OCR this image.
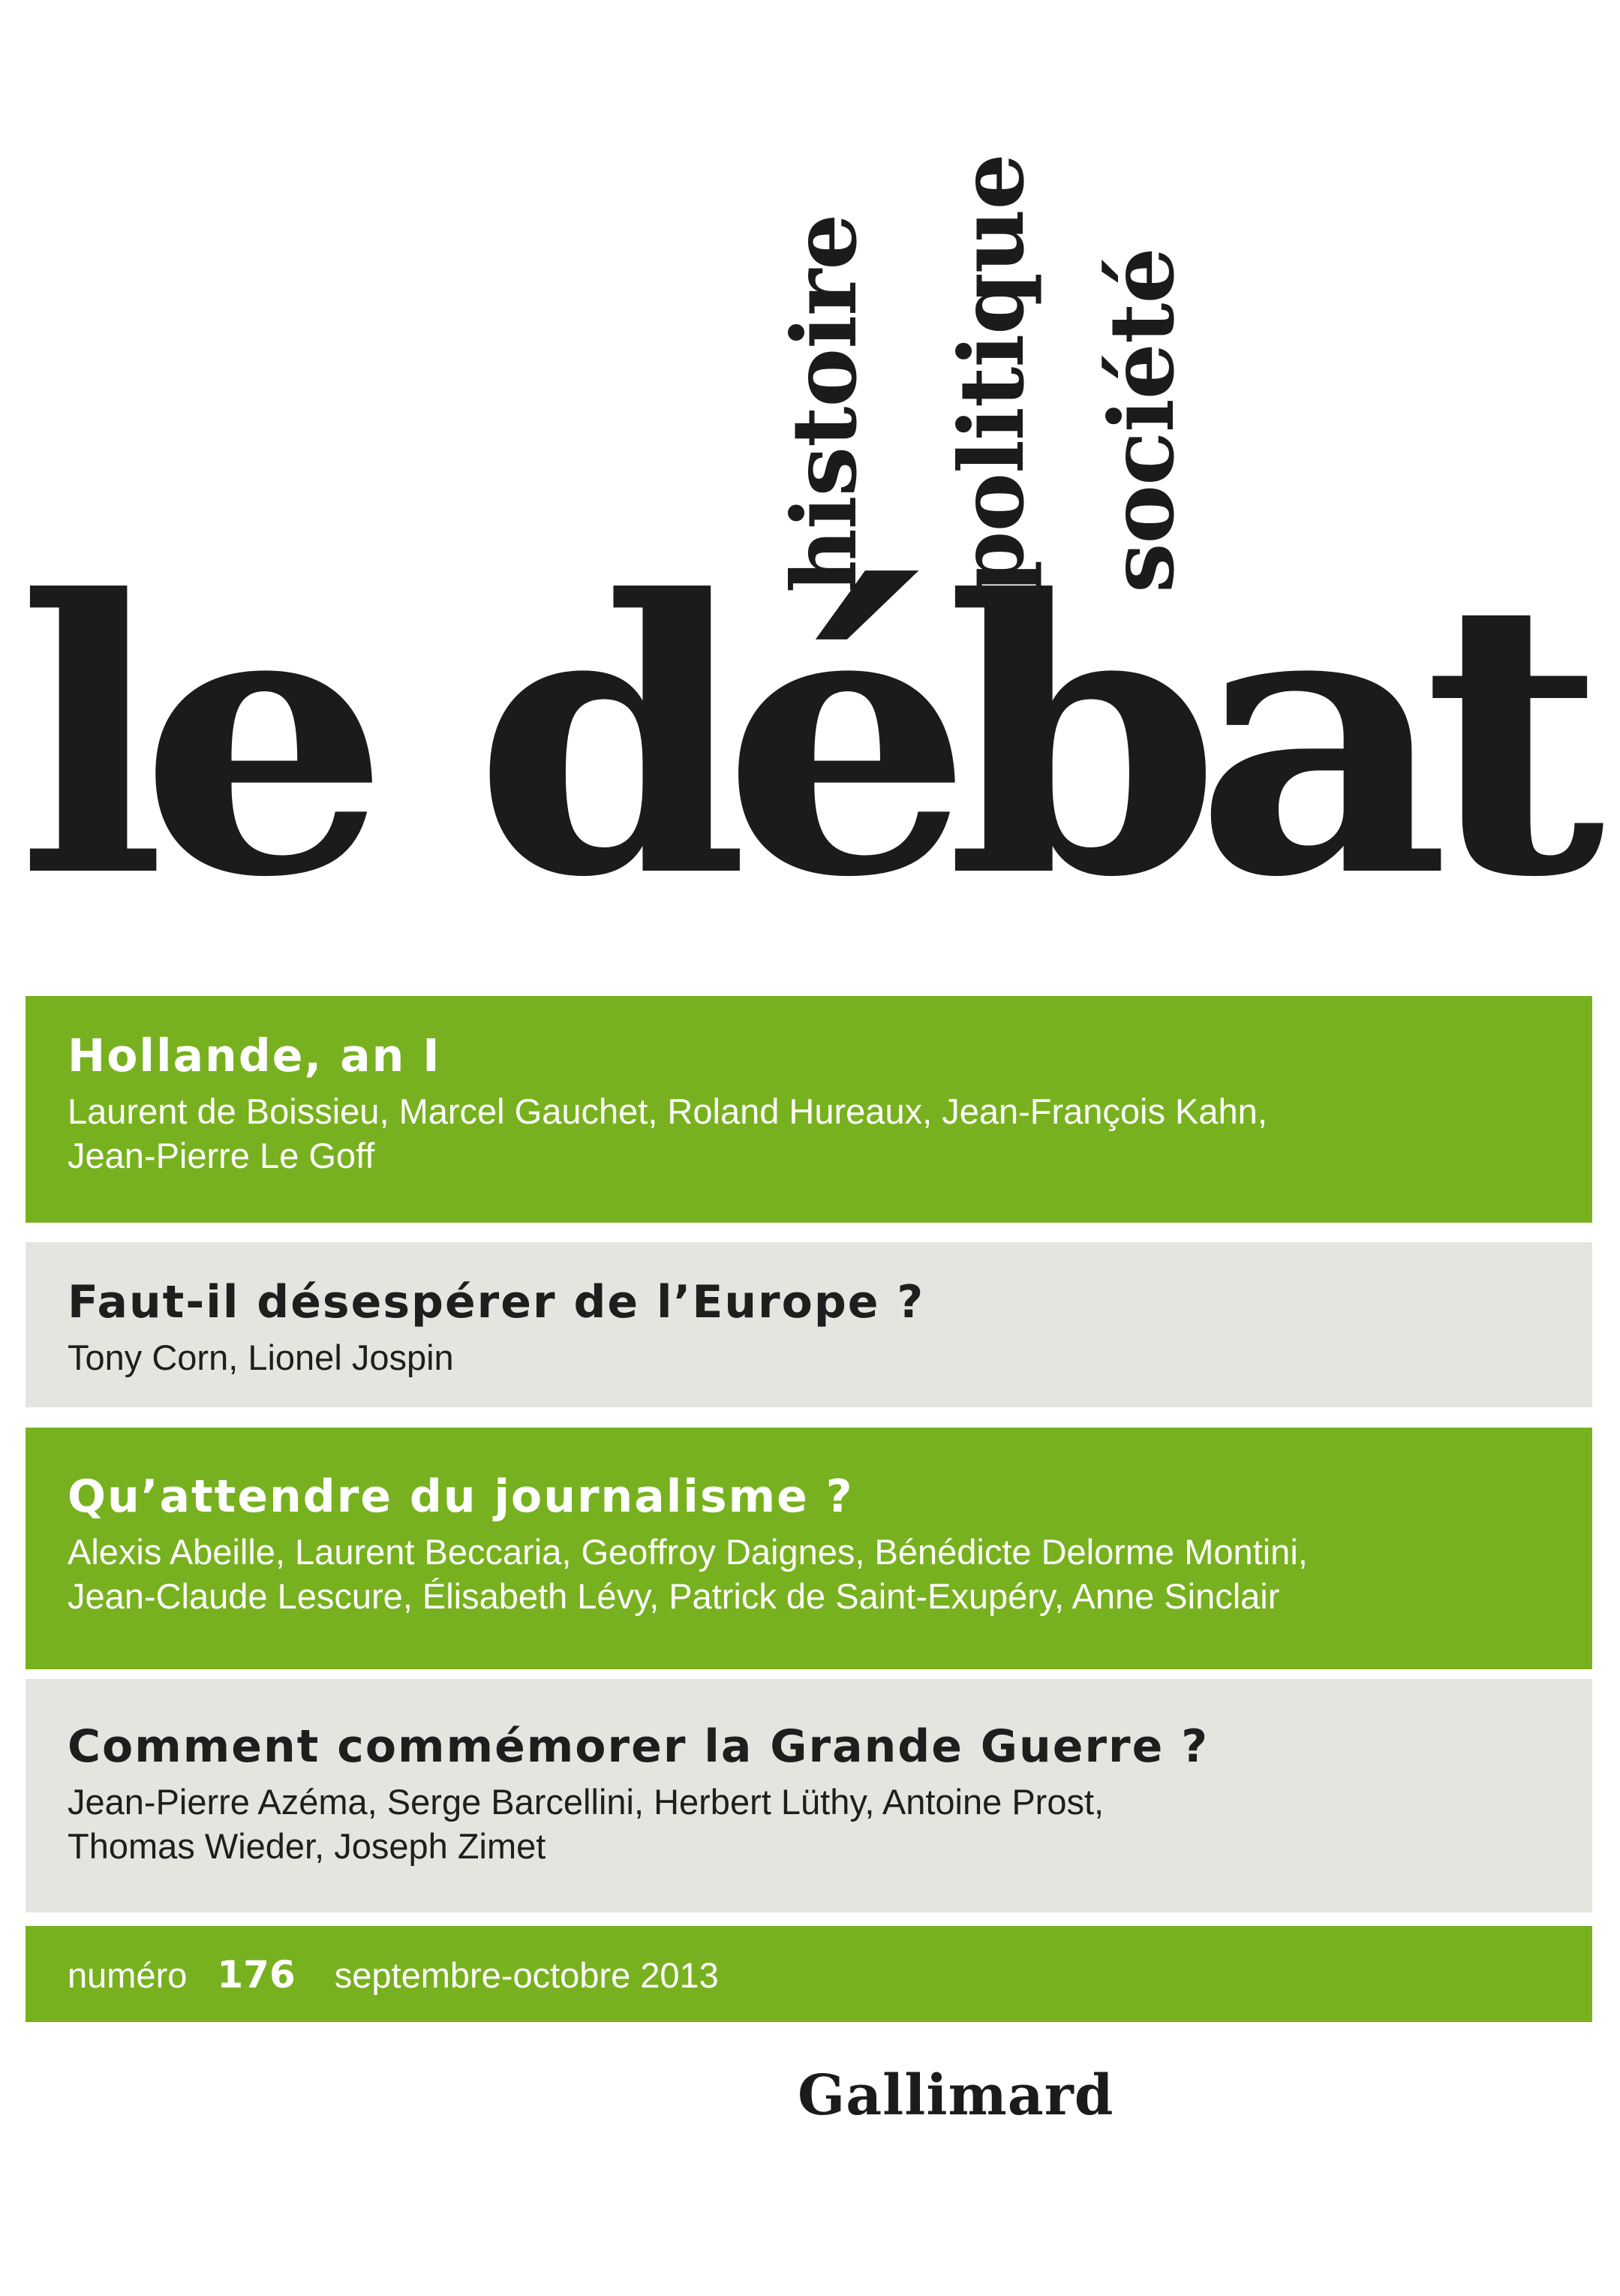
histoire politique société
le débat
Hollande, an I
Laurent de Boissieu, Marcel Gauchet, Roland Hureaux, Jean-François Kahn,
Jean-Pierre Le Goff
Faut-il désespérer de l’Europe ?
Tony Corn, Lionel Jospin
Qu’attendre du journalisme ?
Alexis Abeille, Laurent Beccaria, Geoffroy Daignes, Bénédicte Delorme Montini,
Jean-Claude Lescure, Élisabeth Lévy, Patrick de Saint-Exupéry, Anne Sinclair
Comment commémorer la Grande Guerre ?
Jean-Pierre Azéma, Serge Barcellini, Herbert Lüthy, Antoine Prost,
Thomas Wieder, Joseph Zimet
numéro 176 septembre-octobre 2013
Gallimard
